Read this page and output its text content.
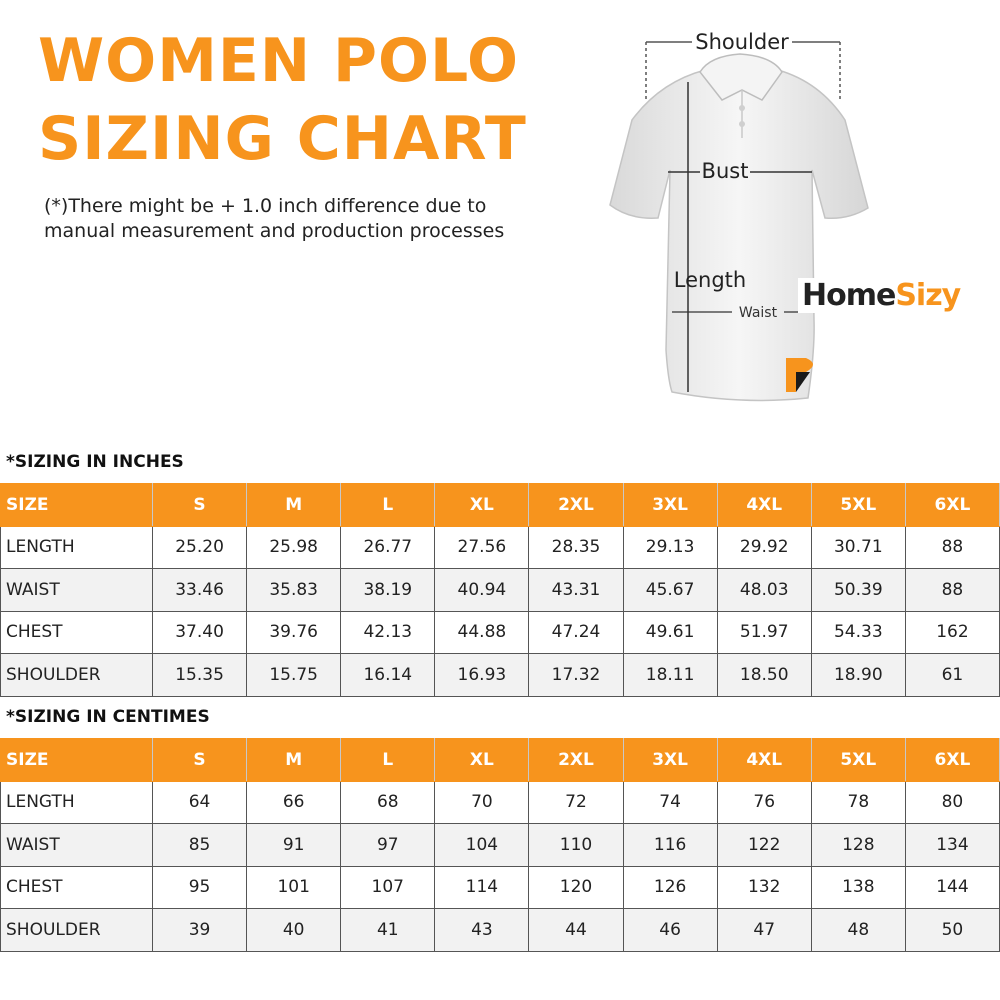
WOMEN POLO
SIZING CHART
(*)There might be + 1.0 inch difference due to
manual measurement and production processes
Shoulder
Bust
Length
Waist HomeSizy
*SIZING IN INCHES
SIZE	S	M	L	XL	2XL	3XL	4XL	5XL	6XL
LENGTH	25.20	25.98	26.77	27.56	28.35	29.13	29.92	30.71	88
WAIST	33.46	35.83	38.19	40.94	43.31	45.67	48.03	50.39	88
CHEST	37.40	39.76	42.13	44.88	47.24	49.61	51.97	54.33	162
SHOULDER	15.35	15.75	16.14	16.93	17.32	18.11	18.50	18.90	61
*SIZING IN CENTIMES
SIZE	S	M	L	XL	2XL	3XL	4XL	5XL	6XL
LENGTH	64	66	68	70	72	74	76	78	80
WAIST	85	91	97	104	110	116	122	128	134
CHEST	95	101	107	114	120	126	132	138	144
SHOULDER	39	40	41	43	44	46	47	48	50
